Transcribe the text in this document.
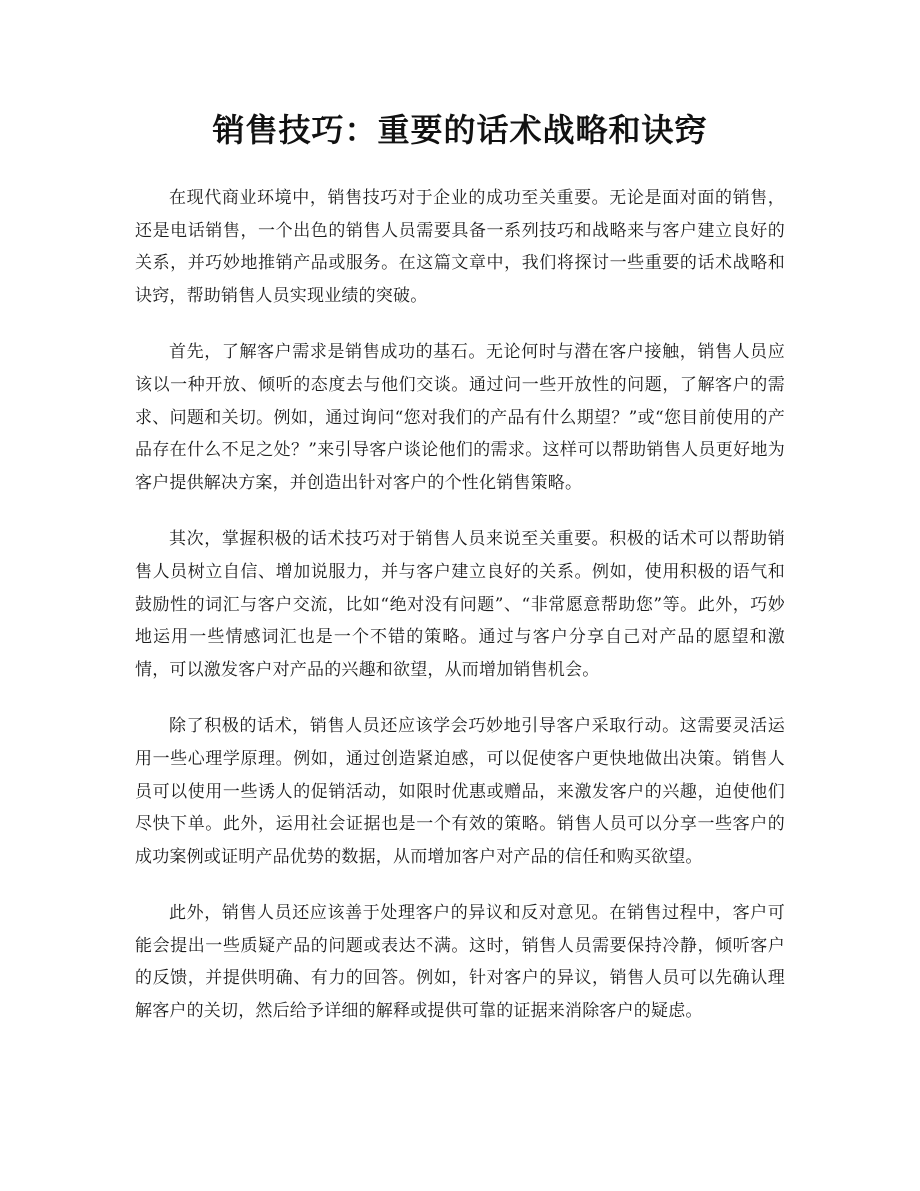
销售技巧：重要的话术战略和诀窍

在现代商业环境中，销售技巧对于企业的成功至关重要。无论是面对面的销售，还是电话销售，一个出色的销售人员需要具备一系列技巧和战略来与客户建立良好的关系，并巧妙地推销产品或服务。在这篇文章中，我们将探讨一些重要的话术战略和诀窍，帮助销售人员实现业绩的突破。

首先，了解客户需求是销售成功的基石。无论何时与潜在客户接触，销售人员应该以一种开放、倾听的态度去与他们交谈。通过问一些开放性的问题，了解客户的需求、问题和关切。例如，通过询问“您对我们的产品有什么期望？”或“您目前使用的产品存在什么不足之处？”来引导客户谈论他们的需求。这样可以帮助销售人员更好地为客户提供解决方案，并创造出针对客户的个性化销售策略。

其次，掌握积极的话术技巧对于销售人员来说至关重要。积极的话术可以帮助销售人员树立自信、增加说服力，并与客户建立良好的关系。例如，使用积极的语气和鼓励性的词汇与客户交流，比如“绝对没有问题”、“非常愿意帮助您”等。此外，巧妙地运用一些情感词汇也是一个不错的策略。通过与客户分享自己对产品的愿望和激情，可以激发客户对产品的兴趣和欲望，从而增加销售机会。

除了积极的话术，销售人员还应该学会巧妙地引导客户采取行动。这需要灵活运用一些心理学原理。例如，通过创造紧迫感，可以促使客户更快地做出决策。销售人员可以使用一些诱人的促销活动，如限时优惠或赠品，来激发客户的兴趣，迫使他们尽快下单。此外，运用社会证据也是一个有效的策略。销售人员可以分享一些客户的成功案例或证明产品优势的数据，从而增加客户对产品的信任和购买欲望。

此外，销售人员还应该善于处理客户的异议和反对意见。在销售过程中，客户可能会提出一些质疑产品的问题或表达不满。这时，销售人员需要保持冷静，倾听客户的反馈，并提供明确、有力的回答。例如，针对客户的异议，销售人员可以先确认理解客户的关切，然后给予详细的解释或提供可靠的证据来消除客户的疑虑。
